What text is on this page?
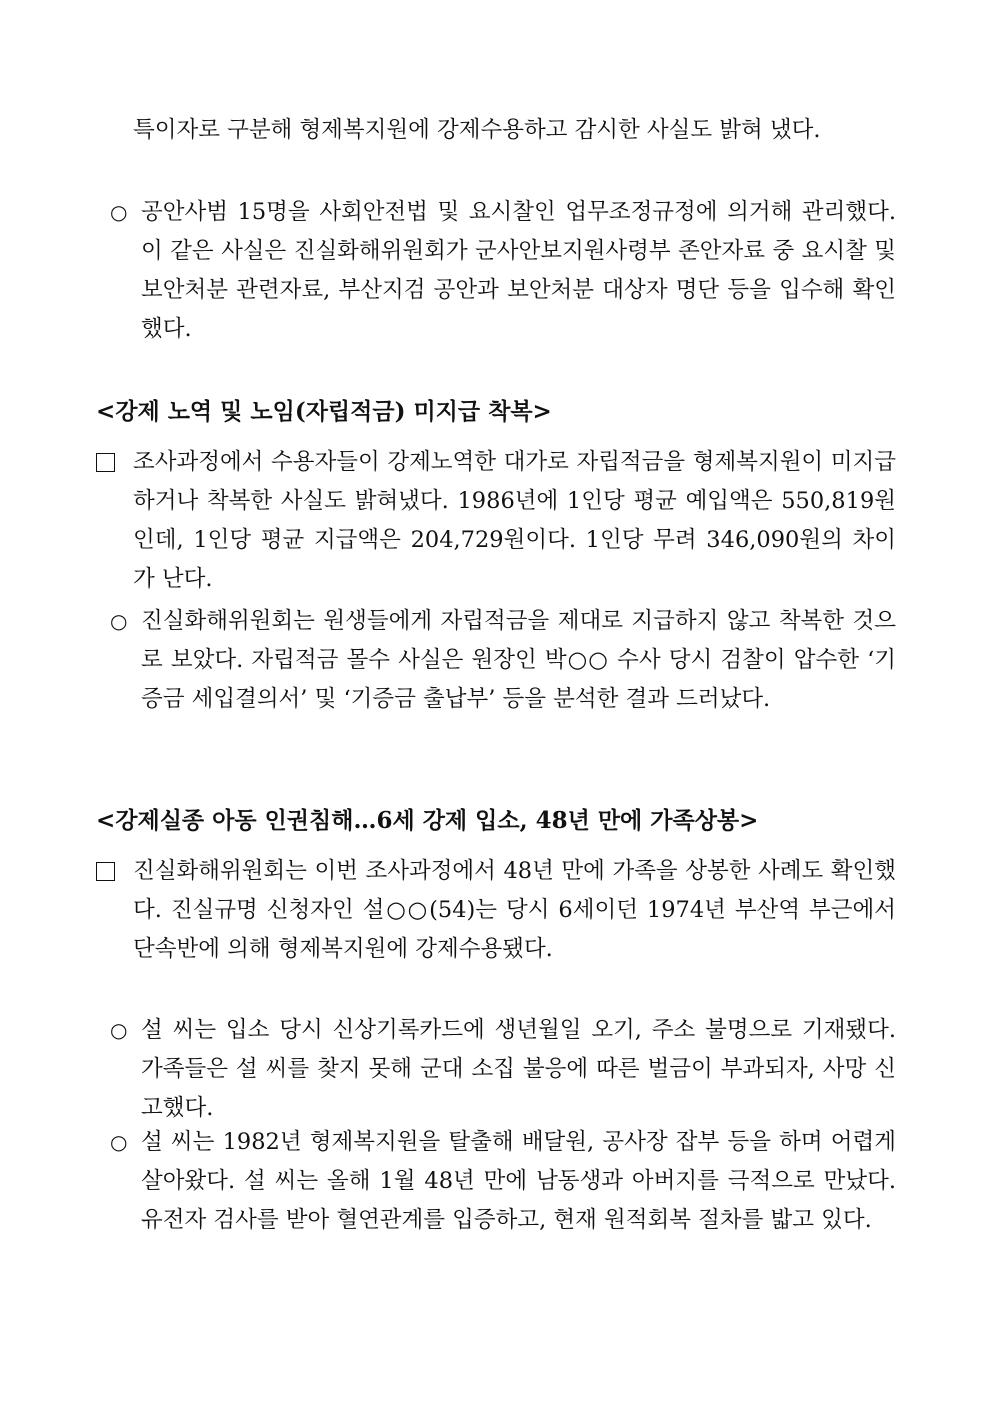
특이자로 구분해 형제복지원에 강제수용하고 감시한 사실도 밝혀 냈다.
○ 공안사범 15명을 사회안전법 및 요시찰인 업무조정규정에 의거해 관리했다. 이 같은 사실은 진실화해위원회가 군사안보지원사령부 존안자료 중 요시찰 및 보안처분 관련자료, 부산지검 공안과 보안처분 대상자 명단 등을 입수해 확인했다.
<강제 노역 및 노임(자립적금) 미지급 착복>
조사과정에서 수용자들이 강제노역한 대가로 자립적금을 형제복지원이 미지급하거나 착복한 사실도 밝혀냈다. 1986년에 1인당 평균 예입액은 550,819원인데, 1인당 평균 지급액은 204,729원이다. 1인당 무려 346,090원의 차이가 난다.
○ 진실화해위원회는 원생들에게 자립적금을 제대로 지급하지 않고 착복한 것으로 보았다. 자립적금 몰수 사실은 원장인 박○○ 수사 당시 검찰이 압수한 ‘기증금 세입결의서’ 및 ‘기증금 출납부’ 등을 분석한 결과 드러났다.
<강제실종 아동 인권침해…6세 강제 입소, 48년 만에 가족상봉>
진실화해위원회는 이번 조사과정에서 48년 만에 가족을 상봉한 사례도 확인했다. 진실규명 신청자인 설○○(54)는 당시 6세이던 1974년 부산역 부근에서 단속반에 의해 형제복지원에 강제수용됐다.
○ 설 씨는 입소 당시 신상기록카드에 생년월일 오기, 주소 불명으로 기재됐다. 가족들은 설 씨를 찾지 못해 군대 소집 불응에 따른 벌금이 부과되자, 사망 신고했다.
○ 설 씨는 1982년 형제복지원을 탈출해 배달원, 공사장 잡부 등을 하며 어렵게 살아왔다. 설 씨는 올해 1월 48년 만에 남동생과 아버지를 극적으로 만났다. 유전자 검사를 받아 혈연관계를 입증하고, 현재 원적회복 절차를 밟고 있다.
